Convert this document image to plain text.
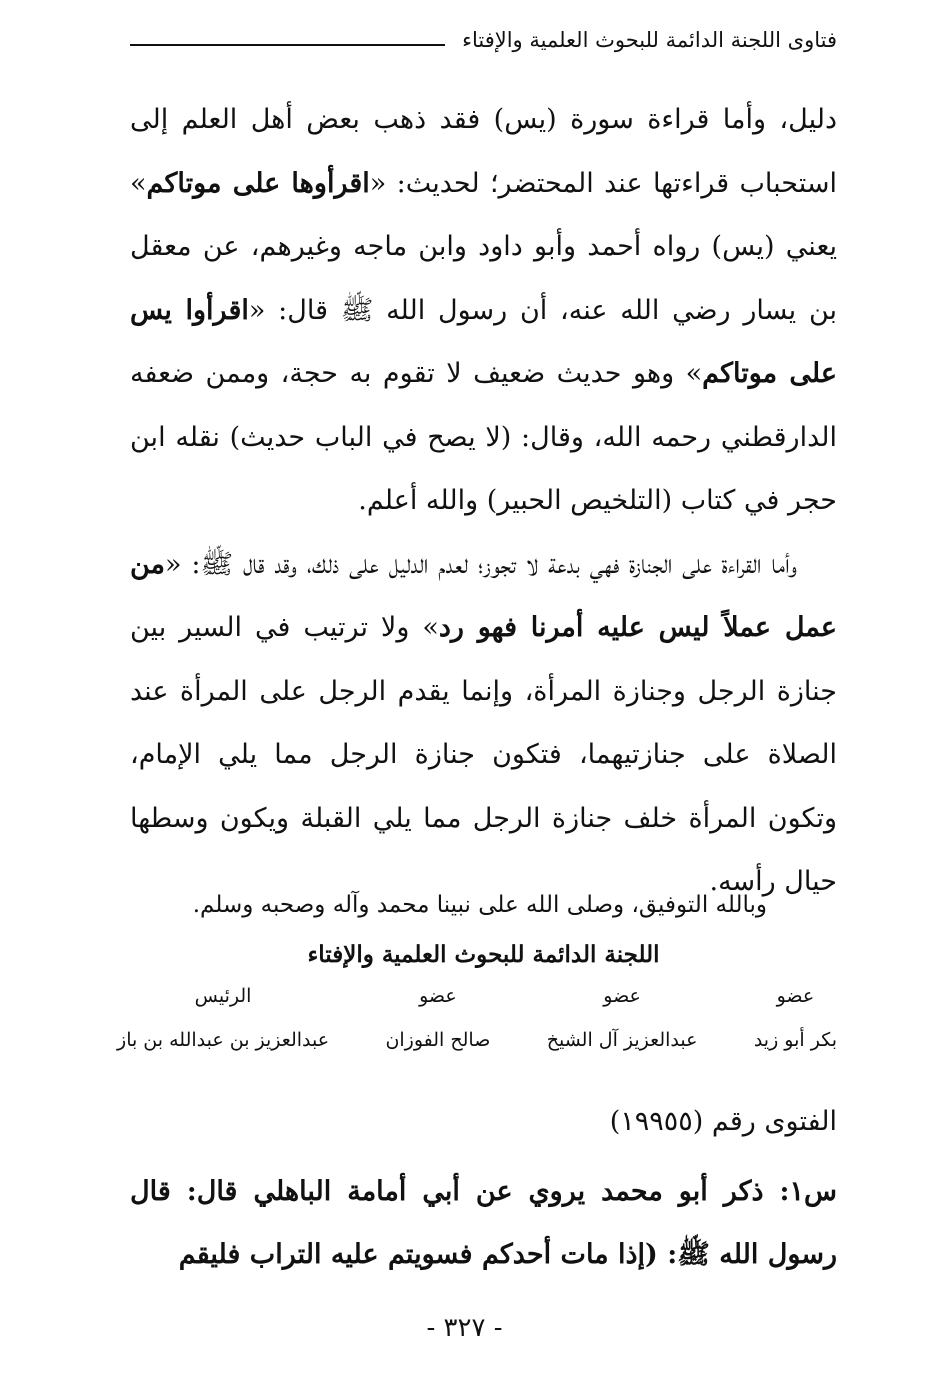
فتاوى اللجنة الدائمة للبحوث العلمية والإفتاء

دليل، وأما قراءة سورة (يس) فقد ذهب بعض أهل العلم إلى استحباب قراءتها عند المحتضر؛ لحديث: «اقرأوها على موتاكم» يعني (يس) رواه أحمد وأبو داود وابن ماجه وغيرهم، عن معقل بن يسار رضي الله عنه، أن رسول الله ﷺ قال: «اقرأوا يس على موتاكم» وهو حديث ضعيف لا تقوم به حجة، وممن ضعفه الدارقطني رحمه الله، وقال: (لا يصح في الباب حديث) نقله ابن حجر في كتاب (التلخيص الحبير) والله أعلم.

وأما القراءة على الجنازة فهي بدعة لا تجوز؛ لعدم الدليل على ذلك، وقد قال ﷺ: «من عمل عملاً ليس عليه أمرنا فهو رد» ولا ترتيب في السير بين جنازة الرجل وجنازة المرأة، وإنما يقدم الرجل على المرأة عند الصلاة على جنازتيهما، فتكون جنازة الرجل مما يلي الإمام، وتكون المرأة خلف جنازة الرجل مما يلي القبلة ويكون وسطها حيال رأسه.

وبالله التوفيق، وصلى الله على نبينا محمد وآله وصحبه وسلم.
اللجنة الدائمة للبحوث العلمية والإفتاء
عضو
بكر أبو زيد
عضو
عبدالعزيز آل الشيخ
عضو
صالح الفوزان
الرئيس
عبدالعزيز بن عبدالله بن باز
الفتوى رقم (١٩٩٥٥)

س١: ذكر أبو محمد يروي عن أبي أمامة الباهلي قال: قال رسول الله ﷺ: (إذا مات أحدكم فسويتم عليه التراب فليقم

- ٣٢٧ -
